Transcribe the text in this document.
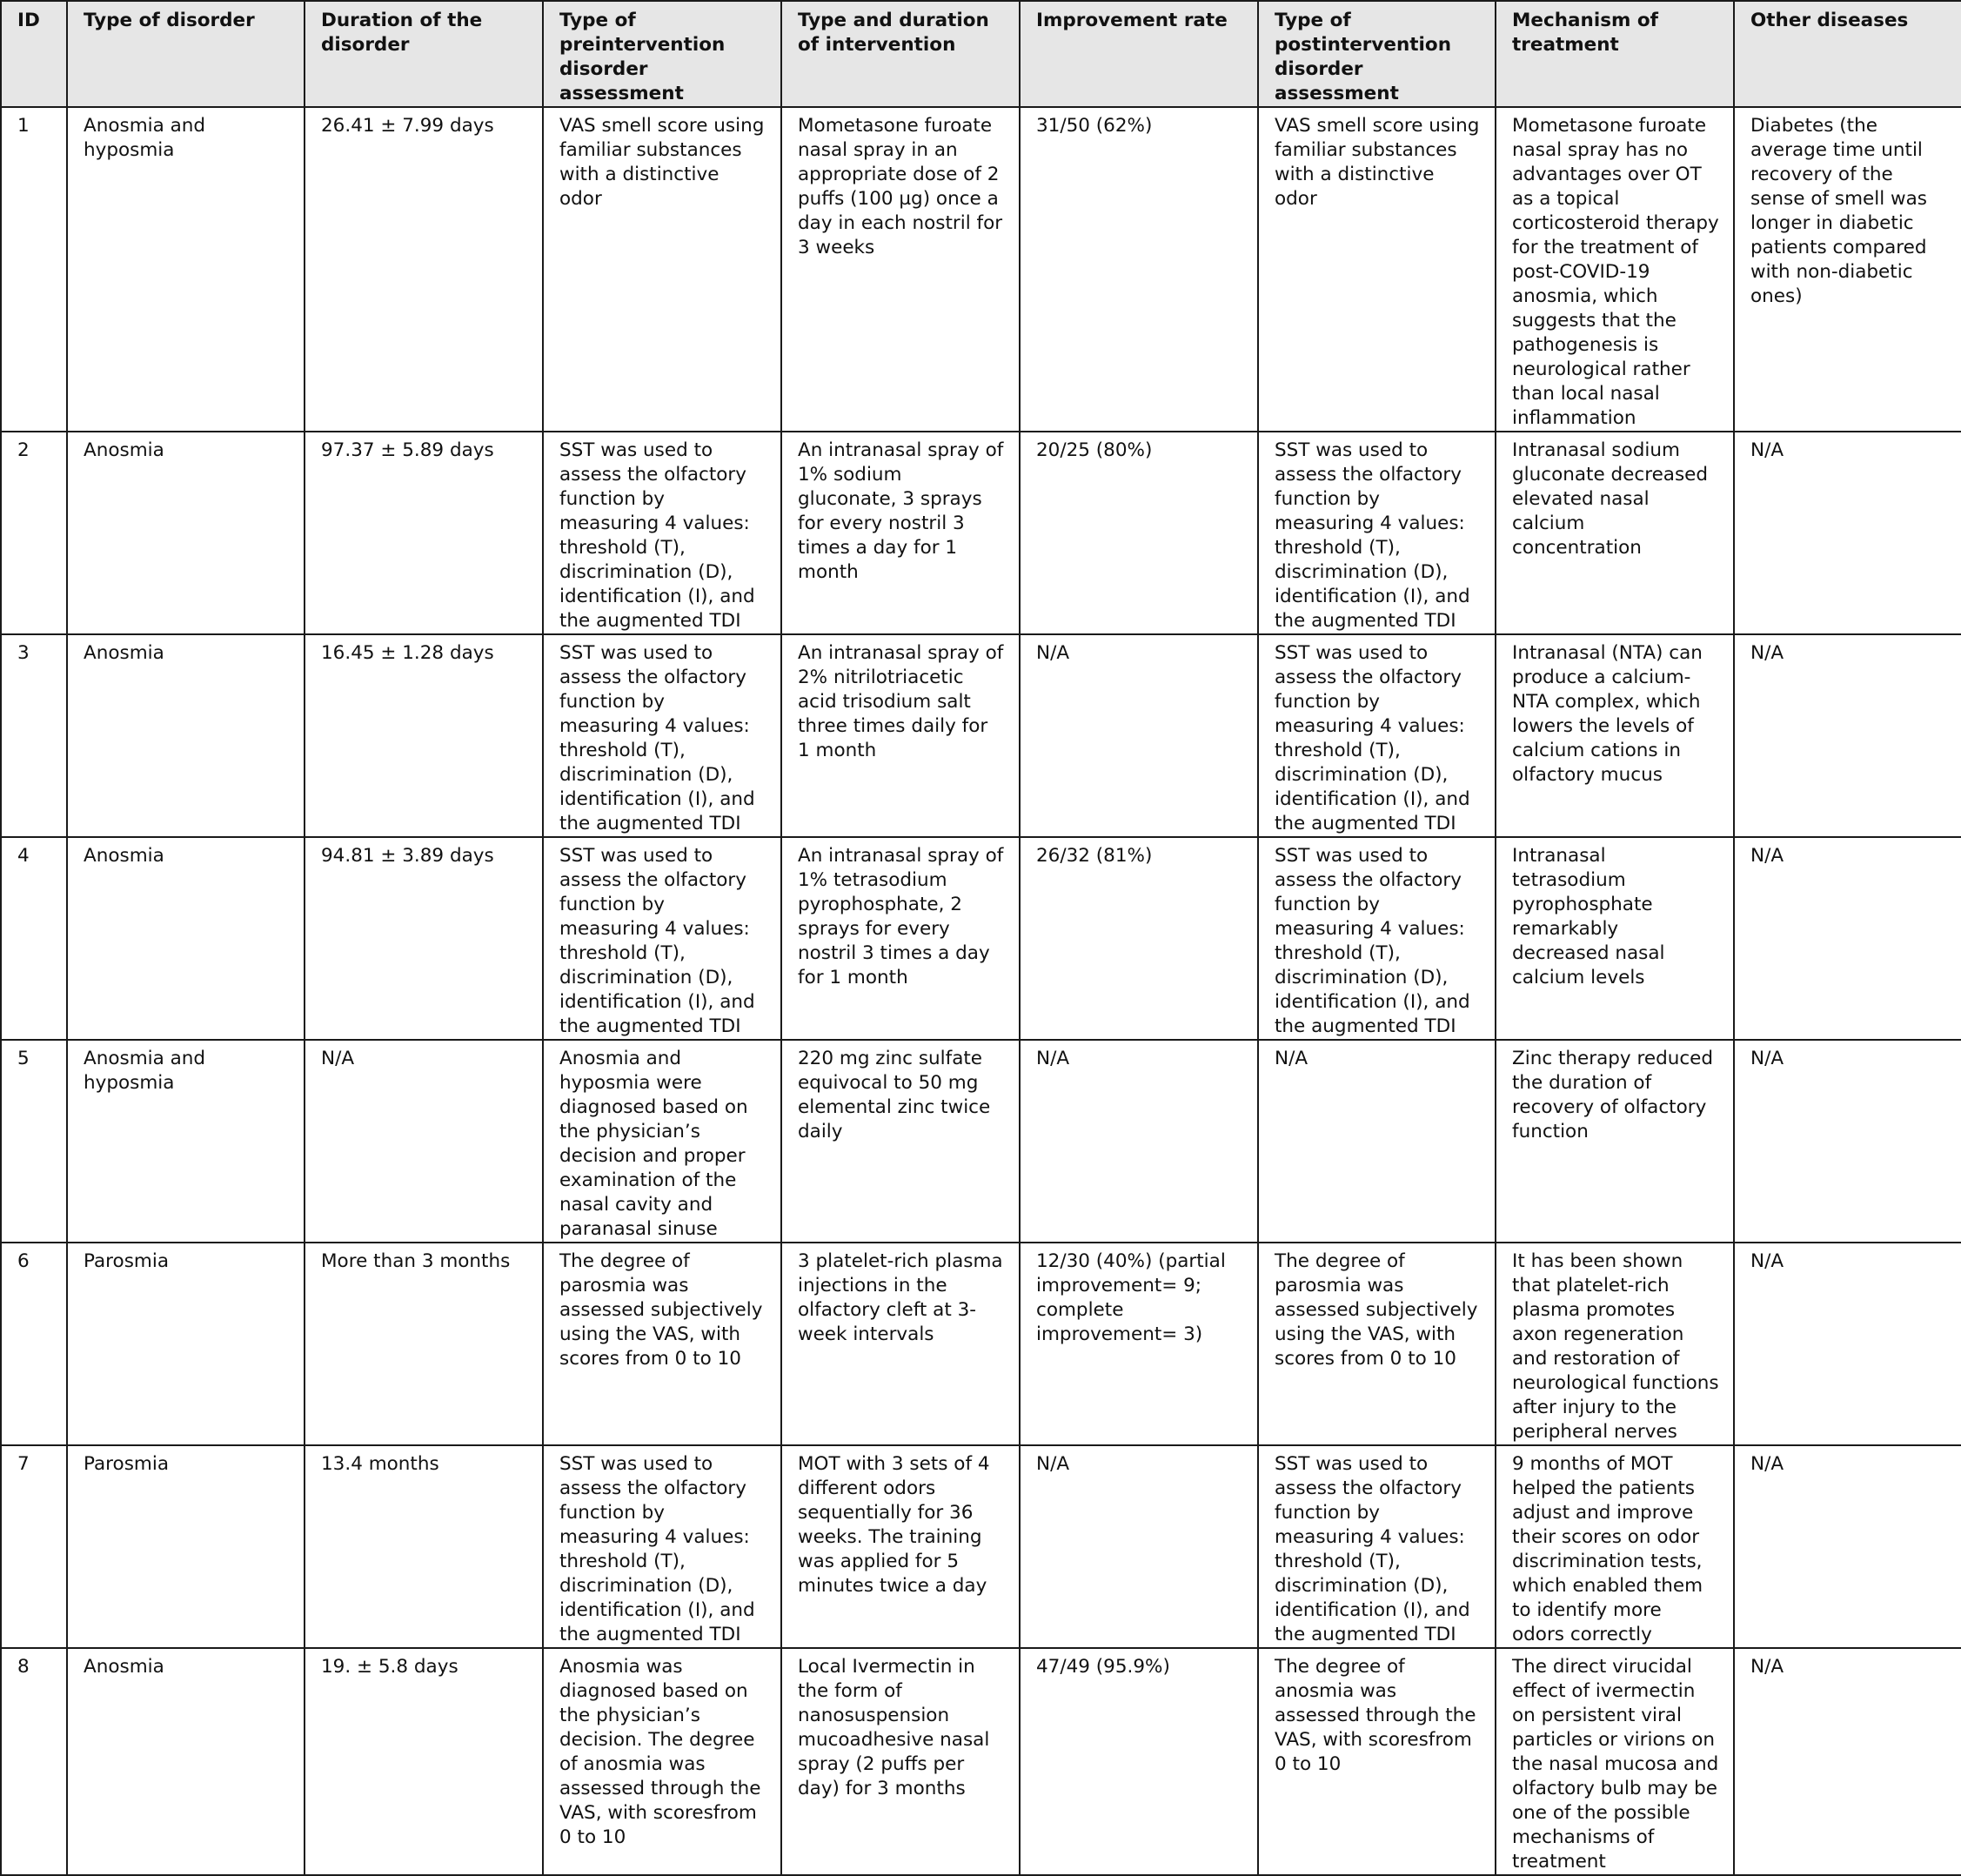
ID	Type of disorder	Duration of the disorder	Type of preintervention disorder assessment	Type and duration of intervention	Improvement rate	Type of postintervention disorder assessment	Mechanism of treatment	Other diseases
1	Anosmia and hyposmia	26.41 ± 7.99 days	VAS smell score using familiar substances with a distinctive odor	Mometasone furoate nasal spray in an appropriate dose of 2 puffs (100 µg) once a day in each nostril for 3 weeks	31/50 (62%)	VAS smell score using familiar substances with a distinctive odor	Mometasone furoate nasal spray has no advantages over OT as a topical corticosteroid therapy for the treatment of post-COVID-19 anosmia, which suggests that the pathogenesis is neurological rather than local nasal inflammation	Diabetes (the average time until recovery of the sense of smell was longer in diabetic patients compared with non-diabetic ones)
2	Anosmia	97.37 ± 5.89 days	SST was used to assess the olfactory function by measuring 4 values: threshold (T), discrimination (D), identification (I), and the augmented TDI	An intranasal spray of 1% sodium gluconate, 3 sprays for every nostril 3 times a day for 1 month	20/25 (80%)	SST was used to assess the olfactory function by measuring 4 values: threshold (T), discrimination (D), identification (I), and the augmented TDI	Intranasal sodium gluconate decreased elevated nasal calcium concentration	N/A
3	Anosmia	16.45 ± 1.28 days	SST was used to assess the olfactory function by measuring 4 values: threshold (T), discrimination (D), identification (I), and the augmented TDI	An intranasal spray of 2% nitrilotriacetic acid trisodium salt three times daily for 1 month	N/A	SST was used to assess the olfactory function by measuring 4 values: threshold (T), discrimination (D), identification (I), and the augmented TDI	Intranasal (NTA) can produce a calcium-NTA complex, which lowers the levels of calcium cations in olfactory mucus	N/A
4	Anosmia	94.81 ± 3.89 days	SST was used to assess the olfactory function by measuring 4 values: threshold (T), discrimination (D), identification (I), and the augmented TDI	An intranasal spray of 1% tetrasodium pyrophosphate, 2 sprays for every nostril 3 times a day for 1 month	26/32 (81%)	SST was used to assess the olfactory function by measuring 4 values: threshold (T), discrimination (D), identification (I), and the augmented TDI	Intranasal tetrasodium pyrophosphate remarkably decreased nasal calcium levels	N/A
5	Anosmia and hyposmia	N/A	Anosmia and hyposmia were diagnosed based on the physician’s decision and proper examination of the nasal cavity and paranasal sinuse	220 mg zinc sulfate equivocal to 50 mg elemental zinc twice daily	N/A	N/A	Zinc therapy reduced the duration of recovery of olfactory function	N/A
6	Parosmia	More than 3 months	The degree of parosmia was assessed subjectively using the VAS, with scores from 0 to 10	3 platelet-rich plasma injections in the olfactory cleft at 3-week intervals	12/30 (40%) (partial improvement= 9; complete improvement= 3)	The degree of parosmia was assessed subjectively using the VAS, with scores from 0 to 10	It has been shown that platelet-rich plasma promotes axon regeneration and restoration of neurological functions after injury to the peripheral nerves	N/A
7	Parosmia	13.4 months	SST was used to assess the olfactory function by measuring 4 values: threshold (T), discrimination (D), identification (I), and the augmented TDI	MOT with 3 sets of 4 different odors sequentially for 36 weeks. The training was applied for 5 minutes twice a day	N/A	SST was used to assess the olfactory function by measuring 4 values: threshold (T), discrimination (D), identification (I), and the augmented TDI	9 months of MOT helped the patients adjust and improve their scores on odor discrimination tests, which enabled them to identify more odors correctly	N/A
8	Anosmia	19. ± 5.8 days	Anosmia was diagnosed based on the physician’s decision. The degree of anosmia was assessed through the VAS, with scoresfrom 0 to 10	Local Ivermectin in the form of nanosuspension mucoadhesive nasal spray (2 puffs per day) for 3 months	47/49 (95.9%)	The degree of anosmia was assessed through the VAS, with scoresfrom 0 to 10	The direct virucidal effect of ivermectin on persistent viral particles or virions on the nasal mucosa and olfactory bulb may be one of the possible mechanisms of treatment	N/A
